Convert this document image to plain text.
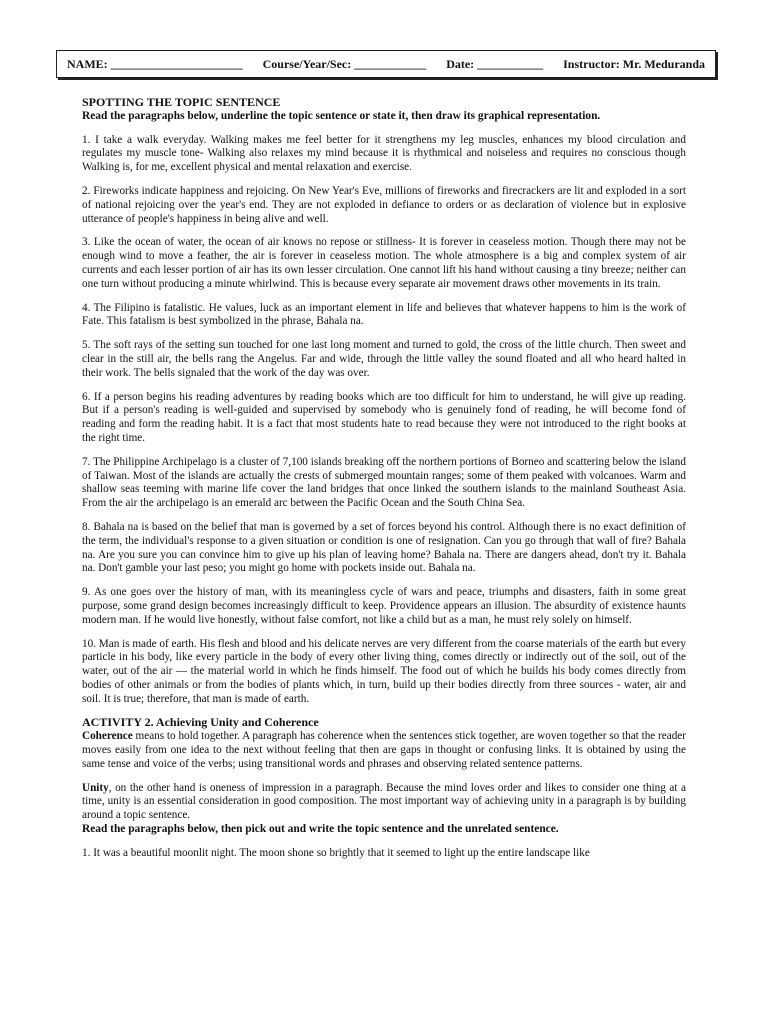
NAME: ______________________ Course/Year/Sec: ____________ Date: ___________ Instructor: Mr. Meduranda

SPOTTING THE TOPIC SENTENCE

Read the paragraphs below, underline the topic sentence or state it, then draw its graphical representation.

1. I take a walk everyday. Walking makes me feel better for it strengthens my leg muscles, enhances my blood circulation and regulates my muscle tone- Walking also relaxes my mind because it is rhythmical and noiseless and requires no conscious though Walking is, for me, excellent physical and mental relaxation and exercise.

2. Fireworks indicate happiness and rejoicing. On New Year's Eve, millions of fireworks and firecrackers are lit and exploded in a sort of national rejoicing over the year's end. They are not exploded in defiance to orders or as declaration of violence but in explosive utterance of people's happiness in being alive and well.

3. Like the ocean of water, the ocean of air knows no repose or stillness- It is forever in ceaseless motion. Though there may not be enough wind to move a feather, the air is forever in ceaseless motion. The whole atmosphere is a big and complex system of air currents and each lesser portion of air has its own lesser circulation. One cannot lift his hand without causing a tiny breeze; neither can one turn without producing a minute whirlwind. This is because every separate air movement draws other movements in its train.

4. The Filipino is fatalistic. He values, luck as an important element in life and believes that whatever happens to him is the work of Fate. This fatalism is best symbolized in the phrase, Bahala na.

5. The soft rays of the setting sun touched for one last long moment and turned to gold, the cross of the little church. Then sweet and clear in the still air, the bells rang the Angelus. Far and wide, through the little valley the sound floated and all who heard halted in their work. The bells signaled that the work of the day was over.

6. If a person begins his reading adventures by reading books which are too difficult for him to understand, he will give up reading. But if a person's reading is well-guided and supervised by somebody who is genuinely fond of reading, he will become fond of reading and form the reading habit. It is a fact that most students hate to read because they were not introduced to the right books at the right time.

7. The Philippine Archipelago is a cluster of 7,100 islands breaking off the northern portions of Borneo and scattering below the island of Taiwan. Most of the islands are actually the crests of submerged mountain ranges; some of them peaked with volcanoes. Warm and shallow seas teeming with marine life cover the land bridges that once linked the southern islands to the mainland Southeast Asia. From the air the archipelago is an emerald arc between the Pacific Ocean and the South China Sea.

8. Bahala na is based on the belief that man is governed by a set of forces beyond his control. Although there is no exact definition of the term, the individual's response to a given situation or condition is one of resignation. Can you go through that wall of fire? Bahala na. Are you sure you can convince him to give up his plan of leaving home? Bahala na. There are dangers ahead, don't try it. Bahala na. Don't gamble your last peso; you might go home with pockets inside out. Bahala na.

9. As one goes over the history of man, with its meaningless cycle of wars and peace, triumphs and disasters, faith in some great purpose, some grand design becomes increasingly difficult to keep. Providence appears an illusion. The absurdity of existence haunts modern man. If he would live honestly, without false comfort, not like a child but as a man, he must rely solely on himself.

10. Man is made of earth. His flesh and blood and his delicate nerves are very different from the coarse materials of the earth but every particle in his body, like every particle in the body of every other living thing, comes directly or indirectly out of the soil, out of the water, out of the air — the material world in which he finds himself. The food out of which he builds his body comes directly from bodies of other animals or from the bodies of plants which, in turn, build up their bodies directly from three sources - water, air and soil. It is true; therefore, that man is made of earth.

ACTIVITY 2. Achieving Unity and Coherence

Coherence means to hold together. A paragraph has coherence when the sentences stick together, are woven together so that the reader moves easily from one idea to the next without feeling that then are gaps in thought or confusing links. It is obtained by using the same tense and voice of the verbs; using transitional words and phrases and observing related sentence patterns.

Unity, on the other hand is oneness of impression in a paragraph. Because the mind loves order and likes to consider one thing at a time, unity is an essential consideration in good composition. The most important way of achieving unity in a paragraph is by building around a topic sentence.

Read the paragraphs below, then pick out and write the topic sentence and the unrelated sentence.

1. It was a beautiful moonlit night. The moon shone so brightly that it seemed to light up the entire landscape like
